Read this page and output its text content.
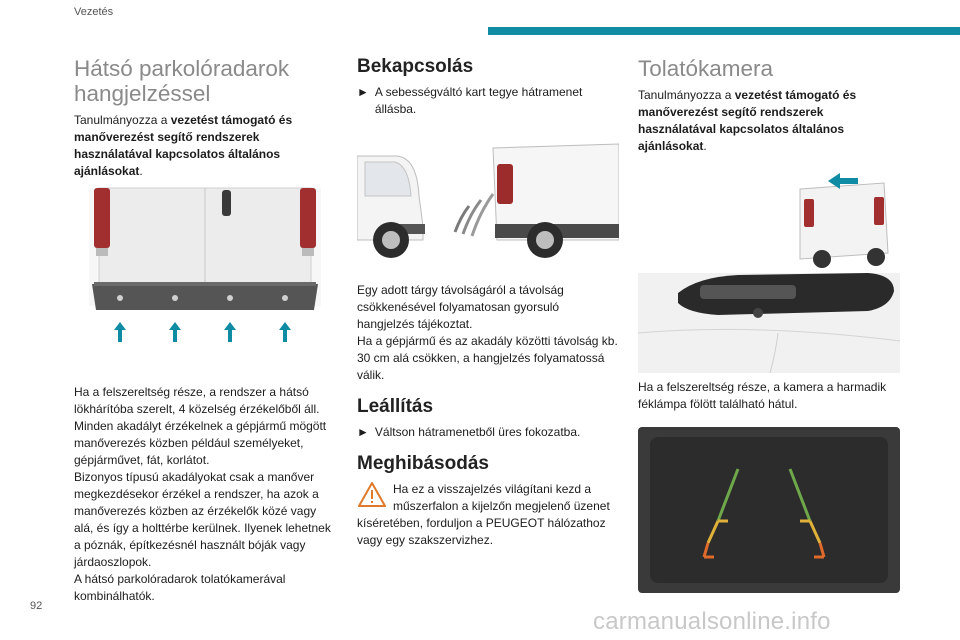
Vezetés
Hátsó parkolóradarok
hangjelzéssel

Tanulmányozza a vezetést támogató és manőverezést segítő rendszerek használatával kapcsolatos általános ajánlásokat.

Ha a felszereltség része, a rendszer a hátsó lökhárítóba szerelt, 4 közelség érzékelőből áll.
Minden akadályt érzékelnek a gépjármű mögött manőverezés közben például személyeket, gépjárművet, fát, korlátot.
Bizonyos típusú akadályokat csak a manőver megkezdésekor érzékel a rendszer, ha azok a manőverezés közben az érzékelők közé vagy alá, és így a holttérbe kerülnek. Ilyenek lehetnek a póznák, építkezésnél használt bóják vagy járdaoszlopok.
A hátsó parkolóradarok tolatókamerával kombinálhatók.

Bekapcsolás
► A sebességváltó kart tegye hátramenet állásba.

Egy adott tárgy távolságáról a távolság csökkenésével folyamatosan gyorsuló hangjelzés tájékoztat.
Ha a gépjármű és az akadály közötti távolság kb. 30 cm alá csökken, a hangjelzés folyamatossá válik.

Leállítás
► Váltson hátramenetből üres fokozatba.
Meghibásodás

Ha ez a visszajelzés világítani kezd a műszerfalon a kijelzőn megjelenő üzenet kíséretében, forduljon a PEUGEOT hálózathoz vagy egy szakszervizhez.

Tolatókamera

Tanulmányozza a vezetést támogató és manőverezést segítő rendszerek használatával kapcsolatos általános ajánlásokat.

Ha a felszereltség része, a kamera a harmadik féklámpa fölött található hátul.

92
carmanualsonline.info
